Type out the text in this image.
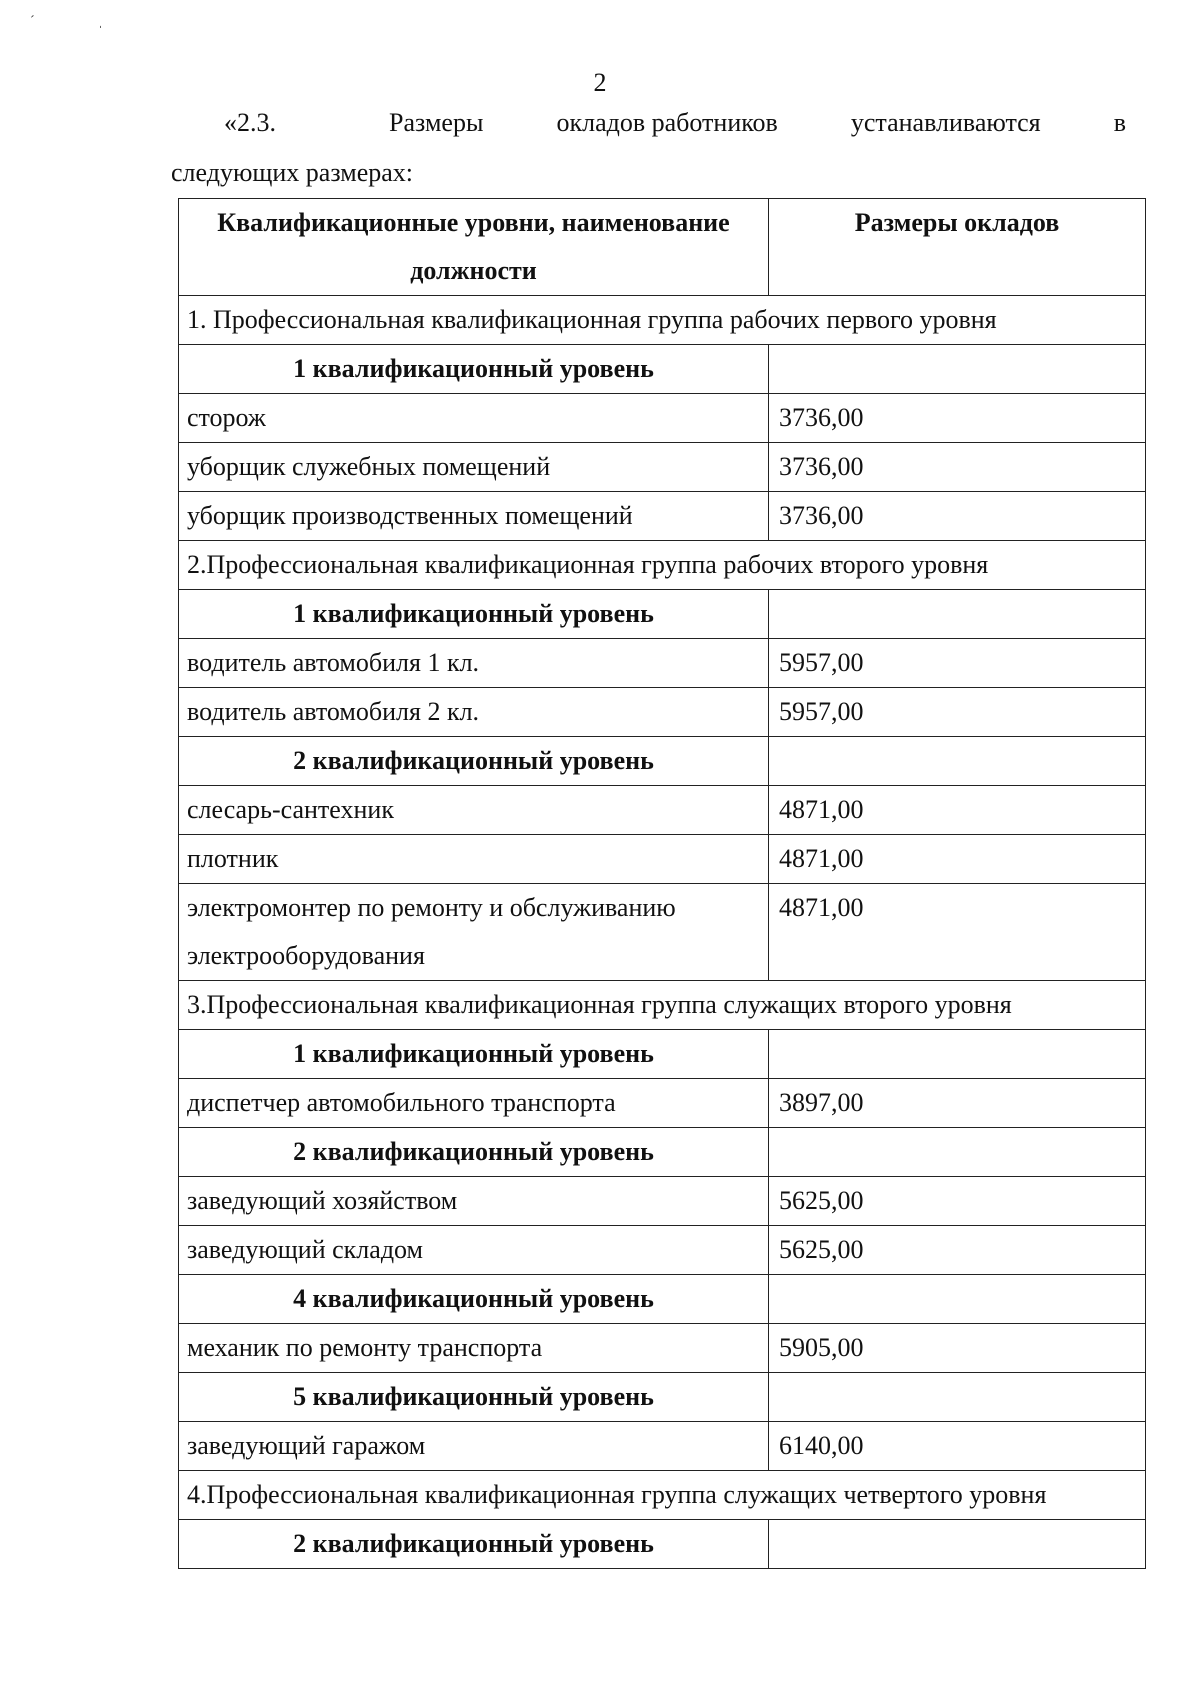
ˊ ˌ
2
«2.3.	Размеры	окладов работников	устанавливаются	в
следующих размерах:
Квалификационные уровни, наименование должности	Размеры окладов
1. Профессиональная квалификационная группа рабочих первого уровня	
1 квалификационный уровень	
сторож	3736,00
уборщик служебных помещений	3736,00
уборщик производственных помещений	3736,00
2.Профессиональная квалификационная группа рабочих второго уровня	
1 квалификационный уровень	
водитель автомобиля 1 кл.	5957,00
водитель автомобиля 2 кл.	5957,00
2 квалификационный уровень	
слесарь-сантехник	4871,00
плотник	4871,00
электромонтер по ремонту и обслуживанию электрооборудования	4871,00
3.Профессиональная квалификационная группа служащих второго уровня	
1 квалификационный уровень	
диспетчер автомобильного транспорта	3897,00
2 квалификационный уровень	
заведующий хозяйством	5625,00
заведующий складом	5625,00
4 квалификационный уровень	
механик по ремонту транспорта	5905,00
5 квалификационный уровень	
заведующий гаражом	6140,00
4.Профессиональная квалификационная группа служащих четвертого уровня	
2 квалификационный уровень	
